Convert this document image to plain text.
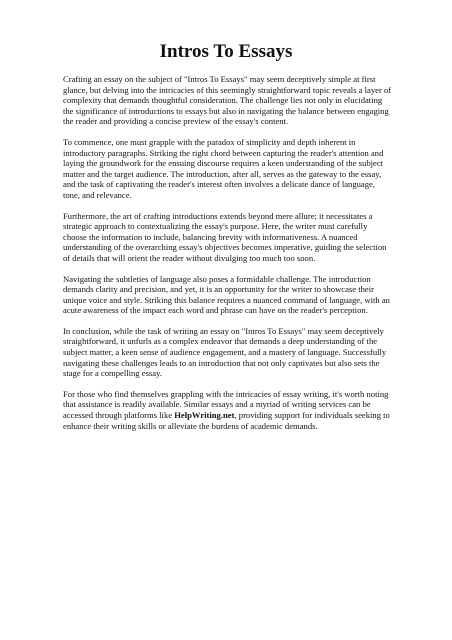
Intros To Essays

Crafting an essay on the subject of "Intros To Essays" may seem deceptively simple at first glance, but delving into the intricacies of this seemingly straightforward topic reveals a layer of complexity that demands thoughtful consideration. The challenge lies not only in elucidating the significance of introductions to essays but also in navigating the balance between engaging the reader and providing a concise preview of the essay's content.

To commence, one must grapple with the paradox of simplicity and depth inherent in introductory paragraphs. Striking the right chord between capturing the reader's attention and laying the groundwork for the ensuing discourse requires a keen understanding of the subject matter and the target audience. The introduction, after all, serves as the gateway to the essay, and the task of captivating the reader's interest often involves a delicate dance of language, tone, and relevance.

Furthermore, the art of crafting introductions extends beyond mere allure; it necessitates a strategic approach to contextualizing the essay's purpose. Here, the writer must carefully choose the information to include, balancing brevity with informativeness. A nuanced understanding of the overarching essay's objectives becomes imperative, guiding the selection of details that will orient the reader without divulging too much too soon.

Navigating the subtleties of language also poses a formidable challenge. The introduction demands clarity and precision, and yet, it is an opportunity for the writer to showcase their unique voice and style. Striking this balance requires a nuanced command of language, with an acute awareness of the impact each word and phrase can have on the reader's perception.

In conclusion, while the task of writing an essay on "Intros To Essays" may seem deceptively straightforward, it unfurls as a complex endeavor that demands a deep understanding of the subject matter, a keen sense of audience engagement, and a mastery of language. Successfully navigating these challenges leads to an introduction that not only captivates but also sets the stage for a compelling essay.

For those who find themselves grappling with the intricacies of essay writing, it's worth noting that assistance is readily available. Similar essays and a myriad of writing services can be accessed through platforms like HelpWriting.net, providing support for individuals seeking to enhance their writing skills or alleviate the burdens of academic demands.
